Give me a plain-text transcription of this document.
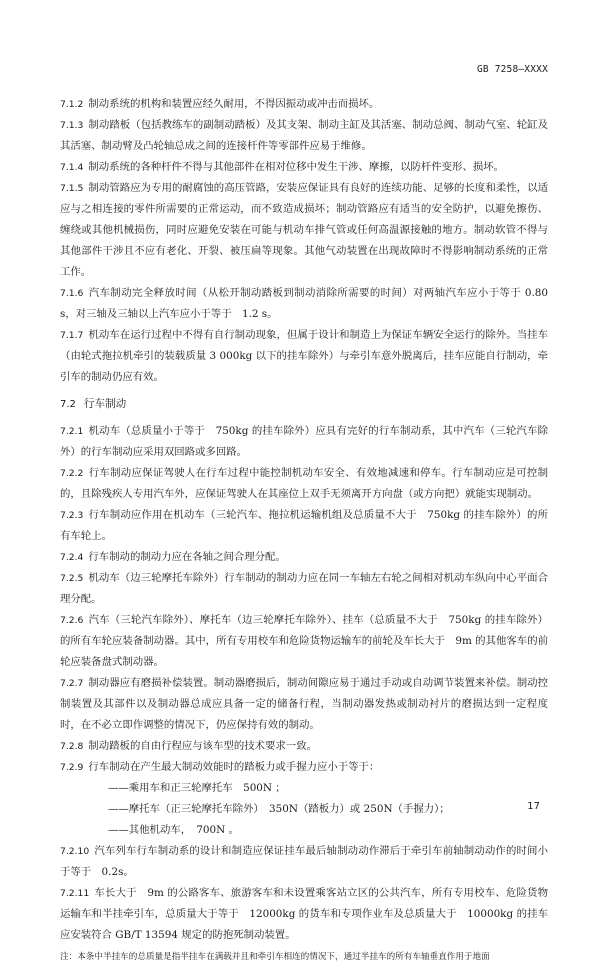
GB 7258—XXXX

7.1.2 制动系统的机构和装置应经久耐用，不得因振动或冲击而损坏。

7.1.3 制动踏板（包括教练车的副制动踏板）及其支架、制动主缸及其活塞、制动总阀、制动气室、轮缸及其活塞、制动臂及凸轮轴总成之间的连接杆件等零部件应易于维修。

7.1.4 制动系统的各种杆件不得与其他部件在相对位移中发生干涉、摩擦，以防杆件变形、损坏。

7.1.5 制动管路应为专用的耐腐蚀的高压管路，安装应保证具有良好的连续功能、足够的长度和柔性，以适应与之相连接的零件所需要的正常运动，而不致造成损坏；制动管路应有适当的安全防护，以避免擦伤、缠绕或其他机械损伤，同时应避免安装在可能与机动车排气管或任何高温源接触的地方。制动软管不得与其他部件干涉且不应有老化、开裂、被压扁等现象。其他气动装置在出现故障时不得影响制动系统的正常工作。

7.1.6 汽车制动完全释放时间（从松开制动踏板到制动消除所需要的时间）对两轴汽车应小于等于 0.80 s，对三轴及三轴以上汽车应小于等于　1.2 s。

7.1.7 机动车在运行过程中不得有自行制动现象，但属于设计和制造上为保证车辆安全运行的除外。当挂车（由轮式拖拉机牵引的装载质量 3 000kg 以下的挂车除外）与牵引车意外脱离后，挂车应能自行制动，牵引车的制动仍应有效。

7.2 行车制动

7.2.1 机动车（总质量小于等于　750kg 的挂车除外）应具有完好的行车制动系，其中汽车（三轮汽车除外）的行车制动应采用双回路或多回路。

7.2.2 行车制动应保证驾驶人在行车过程中能控制机动车安全、有效地减速和停车。行车制动应是可控制的，且除残疾人专用汽车外，应保证驾驶人在其座位上双手无须离开方向盘（或方向把）就能实现制动。

7.2.3 行车制动应作用在机动车（三轮汽车、拖拉机运输机组及总质量不大于　750kg 的挂车除外）的所有车轮上。

7.2.4 行车制动的制动力应在各轴之间合理分配。

7.2.5 机动车（边三轮摩托车除外）行车制动的制动力应在同一车轴左右轮之间相对机动车纵向中心平面合理分配。

7.2.6 汽车（三轮汽车除外）、摩托车（边三轮摩托车除外）、挂车（总质量不大于　750kg 的挂车除外）的所有车轮应装备制动器。其中，所有专用校车和危险货物运输车的前轮及车长大于　9m 的其他客车的前轮应装备盘式制动器。

7.2.7 制动器应有磨损补偿装置。制动器磨损后，制动间隙应易于通过手动或自动调节装置来补偿。制动控制装置及其部件以及制动器总成应具备一定的储备行程，当制动器发热或制动衬片的磨损达到一定程度时，在不必立即作调整的情况下，仍应保持有效的制动。

7.2.8 制动踏板的自由行程应与该车型的技术要求一致。

7.2.9 行车制动在产生最大制动效能时的踏板力或手握力应小于等于：

——乘用车和正三轮摩托车　500N ；

——摩托车（正三轮摩托车除外）　350N（踏板力）或 250N（手握力）；

——其他机动车，　700N 。

7.2.10 汽车列车行车制动系的设计和制造应保证挂车最后轴制动动作滞后于牵引车前轴制动动作的时间小于等于　0.2s。

7.2.11 车长大于　9m 的公路客车、旅游客车和未设置乘客站立区的公共汽车，所有专用校车、危险货物运输车和半挂牵引车，总质量大于等于　12000kg 的货车和专项作业车及总质量大于　10000kg 的挂车应安装符合 GB/T 13594 规定的防抱死制动装置。

注：本条中半挂车的总质量是指半挂车在满载并且和牵引车相连的情况下，通过半挂车的所有车轴垂直作用于地面
17
